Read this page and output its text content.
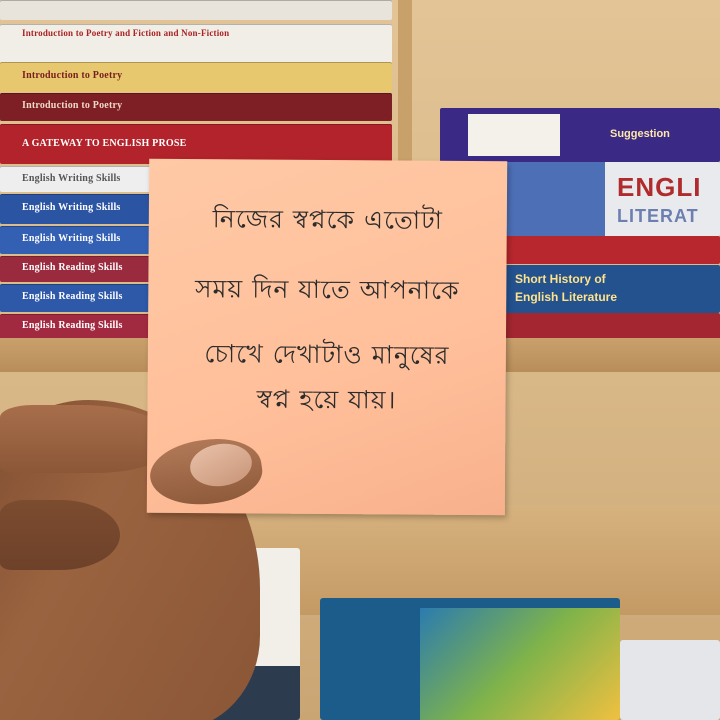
Introduction to Poetry and Fiction and Non-Fiction
Introduction to Poetry
Introduction to Poetry
A GATEWAY TO ENGLISH PROSE
English Writing Skills
English Writing Skills
English Writing Skills
English Reading Skills
English Reading Skills
English Reading Skills
Suggestion
ENGLI
LITERAT
Short History of
English Literature
নিজের স্বপ্নকে এতোটা
সময় দিন যাতে আপনাকে
চোখে দেখাটাও মানুষের
স্বপ্ন হয়ে যায়।
